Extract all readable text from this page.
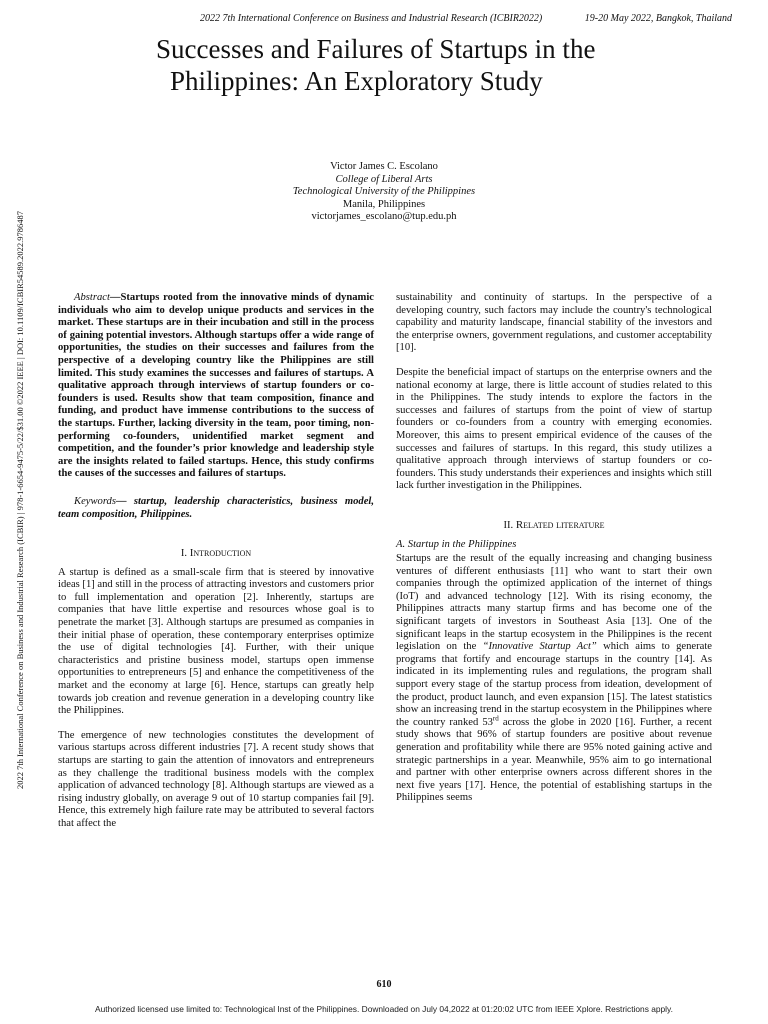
2022 7th International Conference on Business and Industrial Research (ICBIR2022)	19-20 May 2022, Bangkok, Thailand
2022 7th International Conference on Business and Industrial Research (ICBIR) | 978-1-6654-9475-5/22/$31.00 ©2022 IEEE | DOI: 10.1109/ICBIR54589.2022.9786487
Successes and Failures of Startups in the
Philippines: An Exploratory Study
Victor James C. Escolano
College of Liberal Arts
Technological University of the Philippines
Manila, Philippines
victorjames_escolano@tup.edu.ph

Abstract—Startups rooted from the innovative minds of dynamic individuals who aim to develop unique products and services in the market. These startups are in their incubation and still in the process of gaining potential investors. Although startups offer a wide range of opportunities, the studies on their successes and failures from the perspective of a developing country like the Philippines are still limited. This study examines the successes and failures of startups. A qualitative approach through interviews of startup founders or co-founders is used. Results show that team composition, finance and funding, and product have immense contributions to the success of the startups. Further, lacking diversity in the team, poor timing, non-performing co-founders, unidentified market segment and competition, and the founder’s prior knowledge and leadership style are the insights related to failed startups. Hence, this study confirms the causes of the successes and failures of startups.

Keywords— startup, leadership characteristics, business model, team composition, Philippines.

I. Introduction

A startup is defined as a small-scale firm that is steered by innovative ideas [1] and still in the process of attracting investors and customers prior to full implementation and operation [2]. Inherently, startups are companies that have little expertise and resources whose goal is to penetrate the market [3]. Although startups are presumed as companies in their initial phase of operation, these contemporary enterprises optimize the use of digital technologies [4]. Further, with their unique characteristics and pristine business model, startups open immense opportunities to entrepreneurs [5] and enhance the competitiveness of the market and the economy at large [6]. Hence, startups can greatly help towards job creation and revenue generation in a developing country like the Philippines.

The emergence of new technologies constitutes the development of various startups across different industries [7]. A recent study shows that startups are starting to gain the attention of innovators and entrepreneurs as they challenge the traditional business models with the complex application of advanced technology [8]. Although startups are viewed as a rising industry globally, on average 9 out of 10 startup companies fail [9]. Hence, this extremely high failure rate may be attributed to several factors that affect the

sustainability and continuity of startups. In the perspective of a developing country, such factors may include the country's technological capability and maturity landscape, financial stability of the investors and the enterprise owners, government regulations, and customer acceptability [10].

Despite the beneficial impact of startups on the enterprise owners and the national economy at large, there is little account of studies related to this in the Philippines. The study intends to explore the factors in the successes and failures of startups from the point of view of startup founders or co-founders from a country with emerging economies. Moreover, this aims to present empirical evidence of the causes of the successes and failures of startups. In this regard, this study utilizes a qualitative approach through interviews of startup founders or co-founders. This study understands their experiences and insights which still lack further investigation in the Philippines.

II. Related literature
A. Startup in the Philippines

Startups are the result of the equally increasing and changing business ventures of different enthusiasts [11] who want to start their own companies through the optimized application of the internet of things (IoT) and advanced technology [12]. With its rising economy, the Philippines attracts many startup firms and has become one of the significant targets of investors in Southeast Asia [13]. One of the significant leaps in the startup ecosystem in the Philippines is the recent legislation on the “Innovative Startup Act” which aims to generate programs that fortify and encourage startups in the country [14]. As indicated in its implementing rules and regulations, the program shall support every stage of the startup process from ideation, development of the product, product launch, and even expansion [15]. The latest statistics show an increasing trend in the startup ecosystem in the Philippines where the country ranked 53rd across the globe in 2020 [16]. Further, a recent study shows that 96% of startup founders are positive about revenue generation and profitability while there are 95% noted gaining active and strategic partnerships in a year. Meanwhile, 95% aim to go international and partner with other enterprise owners across different shores in the next five years [17]. Hence, the potential of establishing startups in the Philippines seems

610
Authorized licensed use limited to: Technological Inst of the Philippines. Downloaded on July 04,2022 at 01:20:02 UTC from IEEE Xplore. Restrictions apply.
